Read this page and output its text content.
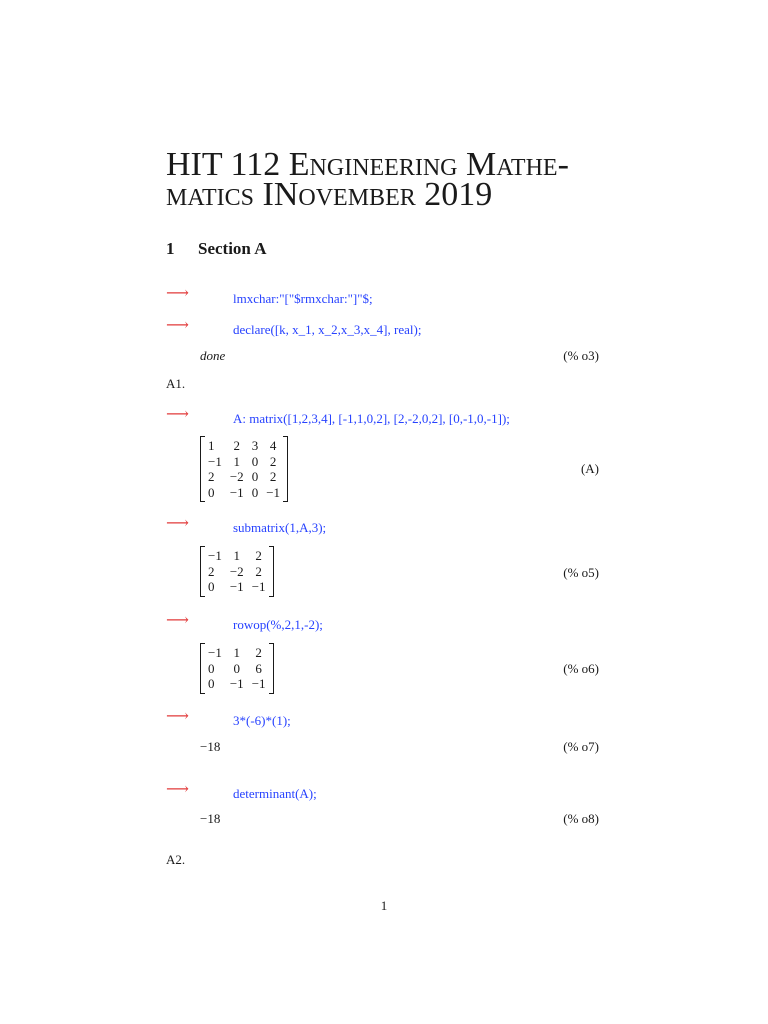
HIT 112 Engineering Mathe-
matics INovember 2019
1 Section A
⟶	lmxchar:"["$rmxchar:"]"$;
⟶	declare([k, x_1, x_2,x_3,x_4], real);
done	(% o3)
A1.
⟶	A: matrix([1,2,3,4], [-1,1,0,2], [2,-2,0,2], [0,-1,0,-1]);
1	2	3	4
−1	1	0	2
2	−2	0	2
0	−1	0	−1
(A)
⟶	submatrix(1,A,3);
−1	1	2
2	−2	2
0	−1	−1
(% o5)
⟶	rowop(%,2,1,-2);
−1	1	2
0	0	6
0	−1	−1
(% o6)
⟶	3*(-6)*(1);
−18	(% o7)
⟶	determinant(A);
−18	(% o8)
A2.
1
